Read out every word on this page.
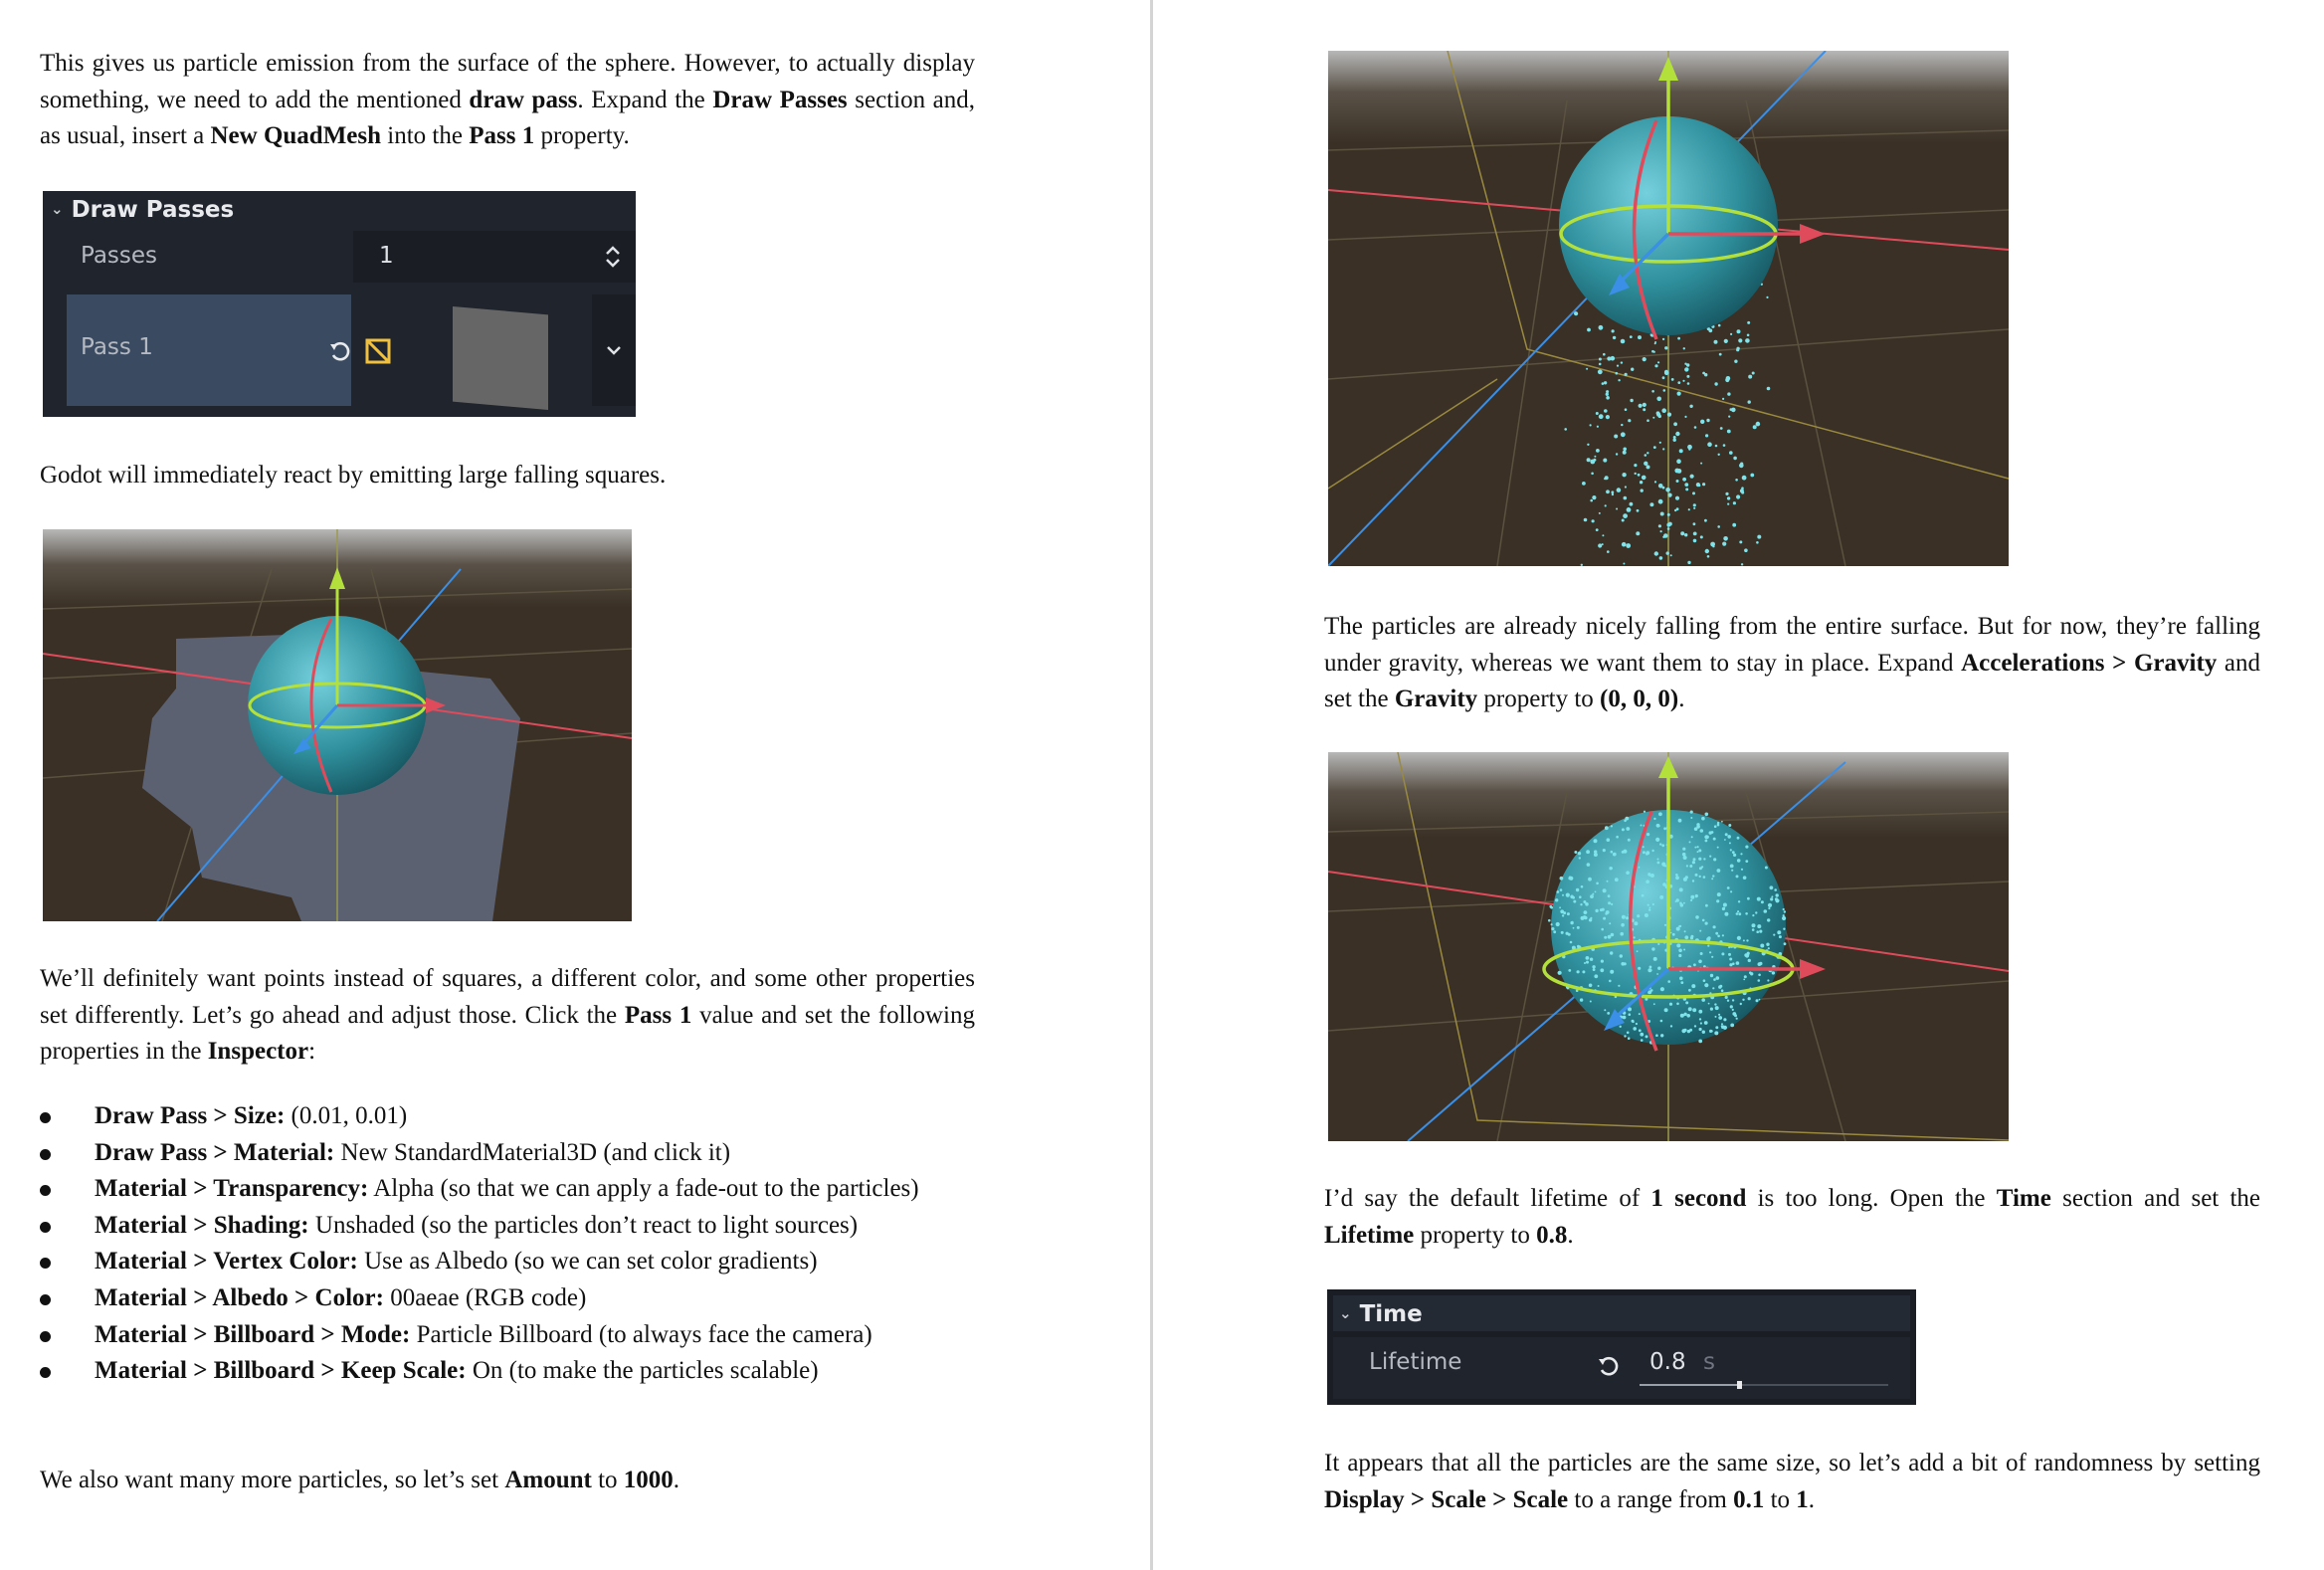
This gives us particle emission from the surface of the sphere. However, to actually display something, we need to add the mentioned draw pass. Expand the Draw Passes section and, as usual, insert a New QuadMesh into the Pass 1 property.

⌄ Draw Passes
Passes	1
Pass 1

Godot will immediately react by emitting large falling squares.

We’ll definitely want points instead of squares, a different color, and some other properties set differently. Let’s go ahead and adjust those. Click the Pass 1 value and set the following properties in the Inspector:

Draw Pass > Size: (0.01, 0.01)
Draw Pass > Material: New StandardMaterial3D (and click it)
Material > Transparency: Alpha (so that we can apply a fade-out to the particles)
Material > Shading: Unshaded (so the particles don’t react to light sources)
Material > Vertex Color: Use as Albedo (so we can set color gradients)
Material > Albedo > Color: 00aeae (RGB code)
Material > Billboard > Mode: Particle Billboard (to always face the camera)
Material > Billboard > Keep Scale: On (to make the particles scalable)

We also want many more particles, so let’s set Amount to 1000.

The particles are already nicely falling from the entire surface. But for now, they’re falling under gravity, whereas we want them to stay in place. Expand Accelerations > Gravity and set the Gravity property to (0, 0, 0).

I’d say the default lifetime of 1 second is too long. Open the Time section and set the Lifetime property to 0.8.

⌄ Time
Lifetime	0.8 s

It appears that all the particles are the same size, so let’s add a bit of randomness by setting Display > Scale > Scale to a range from 0.1 to 1.
